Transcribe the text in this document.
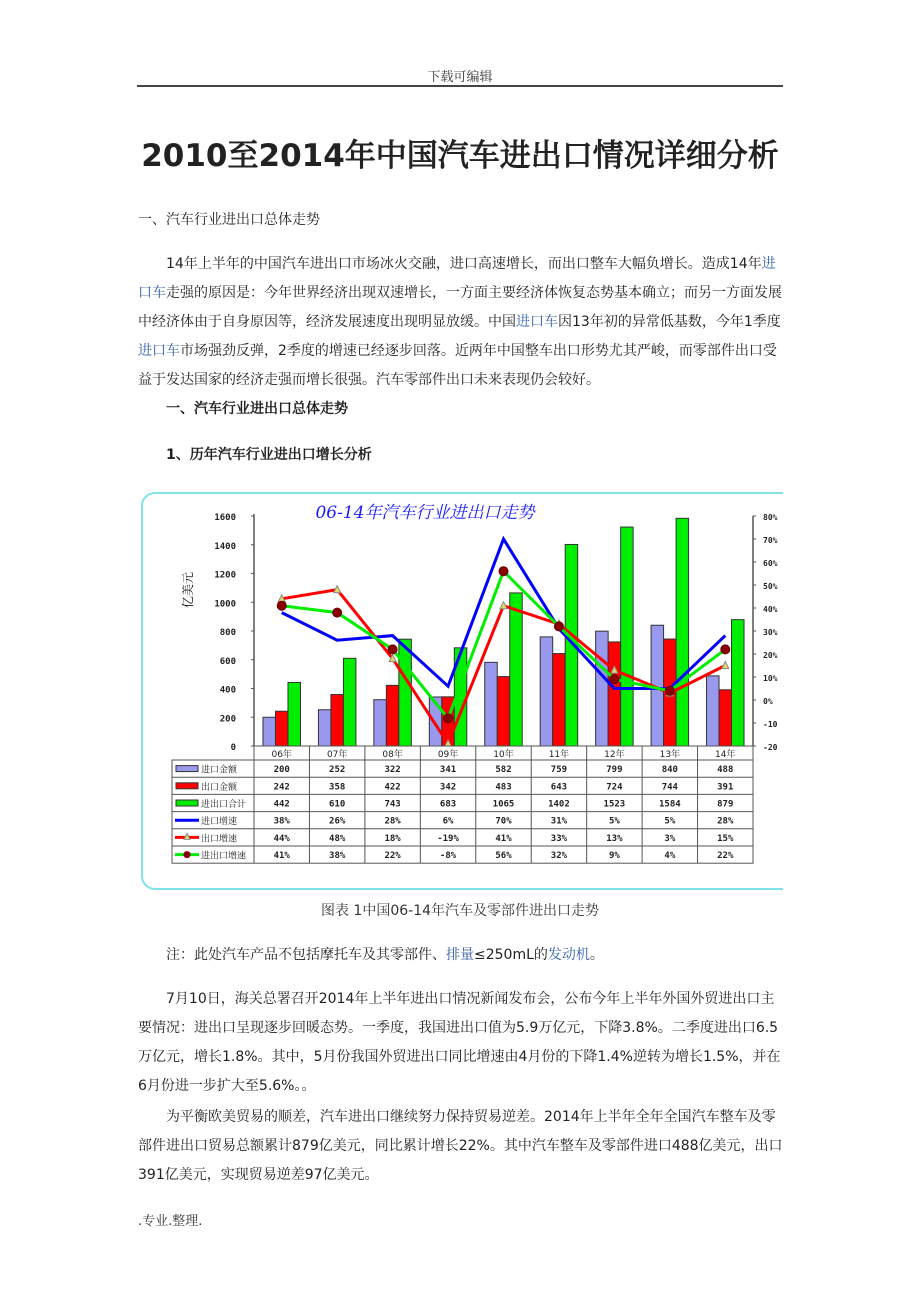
下载可编辑
2010至2014年中国汽车进出口情况详细分析
一、汽车行业进出口总体走势
14年上半年的中国汽车进出口市场冰火交融，进口高速增长，而出口整车大幅负增长。造成14年进口车走强的原因是：今年世界经济出现双速增长，一方面主要经济体恢复态势基本确立；而另一方面发展中经济体由于自身原因等，经济发展速度出现明显放缓。中国进口车因13年初的异常低基数，今年1季度进口车市场强劲反弹，2季度的增速已经逐步回落。近两年中国整车出口形势尤其严峻，而零部件出口受益于发达国家的经济走强而增长很强。汽车零部件出口未来表现仍会较好。
一、汽车行业进出口总体走势
1、历年汽车行业进出口增长分析
06-14年汽车行业进出口走势
亿美元
0
200
400
600
800
1000
1200
1400
1600
-20
-10
0%
10%
20%
30%
40%
50%
60%
70%
80%
06年	07年	08年	09年	10年	11年	12年	13年	14年
进口金额	200	252	322	341	582	759	799	840	488
出口金额	242	358	422	342	483	643	724	744	391
进出口合计	442	610	743	683	1065	1402	1523	1584	879
进口增速	38%	26%	28%	6%	70%	31%	5%	5%	28%
出口增速	44%	48%	18%	-19%	41%	33%	13%	3%	15%
进出口增速	41%	38%	22%	-8%	56%	32%	9%	4%	22%
图表 1中国06-14年汽车及零部件进出口走势
注：此处汽车产品不包括摩托车及其零部件、排量≤250mL的发动机。
7月10日，海关总署召开2014年上半年进出口情况新闻发布会，公布今年上半年外国外贸进出口主要情况：进出口呈现逐步回暖态势。一季度，我国进出口值为5.9万亿元，下降3.8%。二季度进出口6.5万亿元，增长1.8%。其中，5月份我国外贸进出口同比增速由4月份的下降1.4%逆转为增长1.5%，并在6月份进一步扩大至5.6%。。
为平衡欧美贸易的顺差，汽车进出口继续努力保持贸易逆差。2014年上半年全年全国汽车整车及零部件进出口贸易总额累计879亿美元，同比累计增长22%。其中汽车整车及零部件进口488亿美元，出口391亿美元，实现贸易逆差97亿美元。
.专业.整理.
